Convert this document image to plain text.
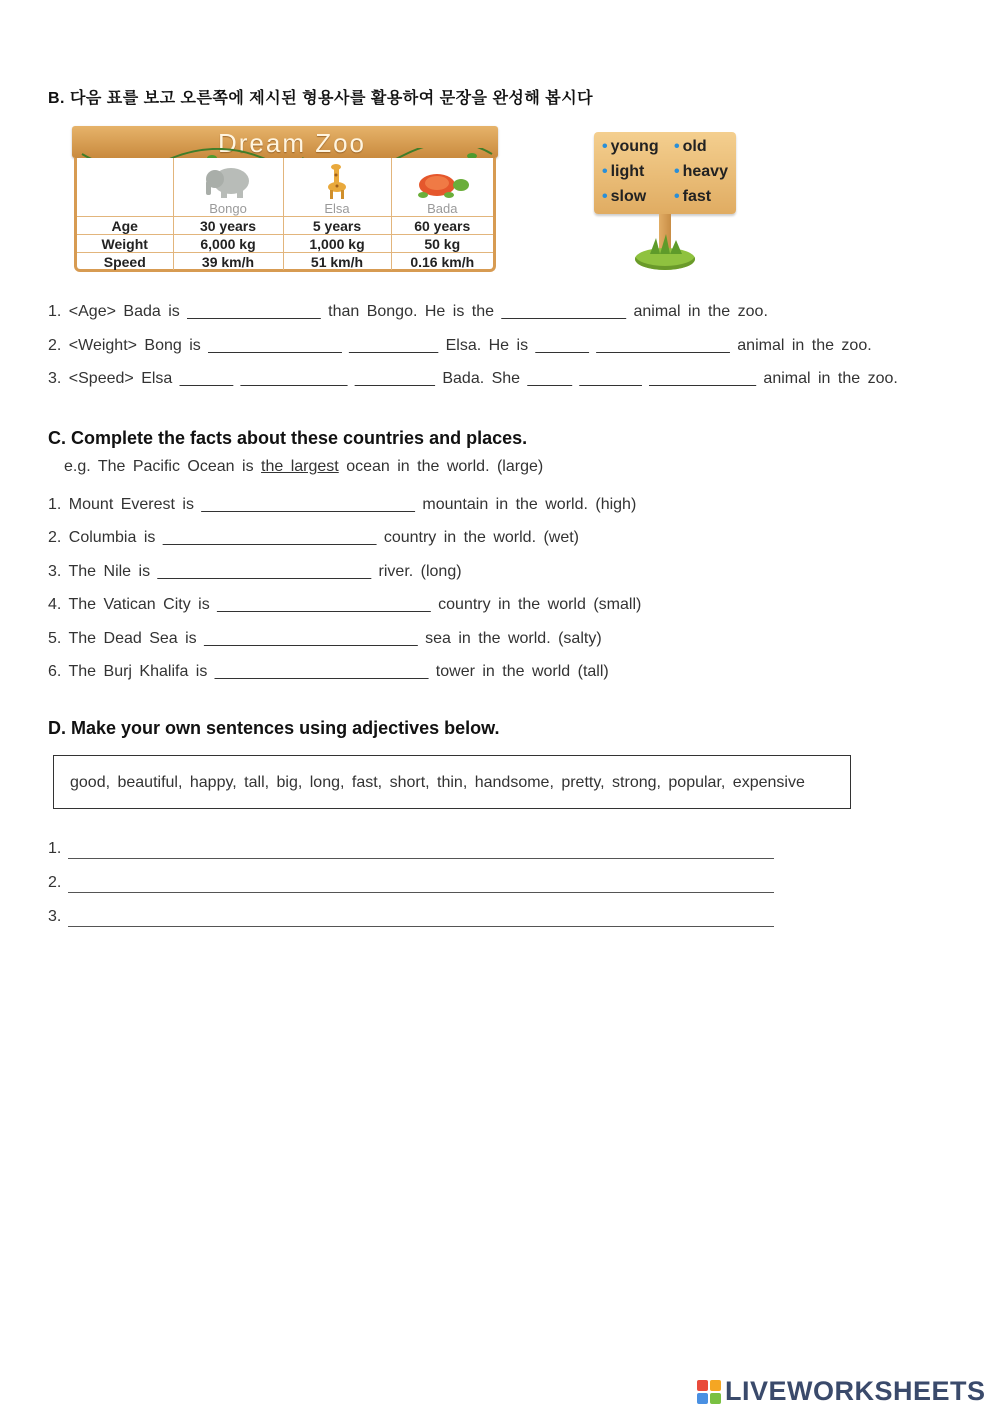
B. 다음 표를 보고 오른쪽에 제시된 형용사를 활용하여 문장을 완성해 봅시다
Dream Zoo

	Bongo	Elsa	Bada

Age	30 years	5 years	60 years
Weight	6,000 kg	1,000 kg	50 kg
Speed	39 km/h	51 km/h	0.16 km/h
• young • old
• light • heavy
• slow • fast
1. <Age> Bada is _______________ than Bongo. He is the ______________ animal in the zoo.
2. <Weight> Bong is _______________ __________ Elsa. He is ______ _______________ animal in the zoo.
3. <Speed> Elsa ______ ____________ _________ Bada. She _____ _______ ____________ animal in the zoo.
C. Complete the facts about these countries and places.
e.g. The Pacific Ocean is the largest ocean in the world. (large)
1. Mount Everest is ________________________ mountain in the world. (high)
2. Columbia is ________________________ country in the world. (wet)
3. The Nile is ________________________ river. (long)
4. The Vatican City is ________________________ country in the world (small)
5. The Dead Sea is ________________________ sea in the world. (salty)
6. The Burj Khalifa is ________________________ tower in the world (tall)
D. Make your own sentences using adjectives below.
good, beautiful, happy, tall, big, long, fast, short, thin, handsome, pretty, strong, popular, expensive
1.
2.
3.
LIVEWORKSHEETS
